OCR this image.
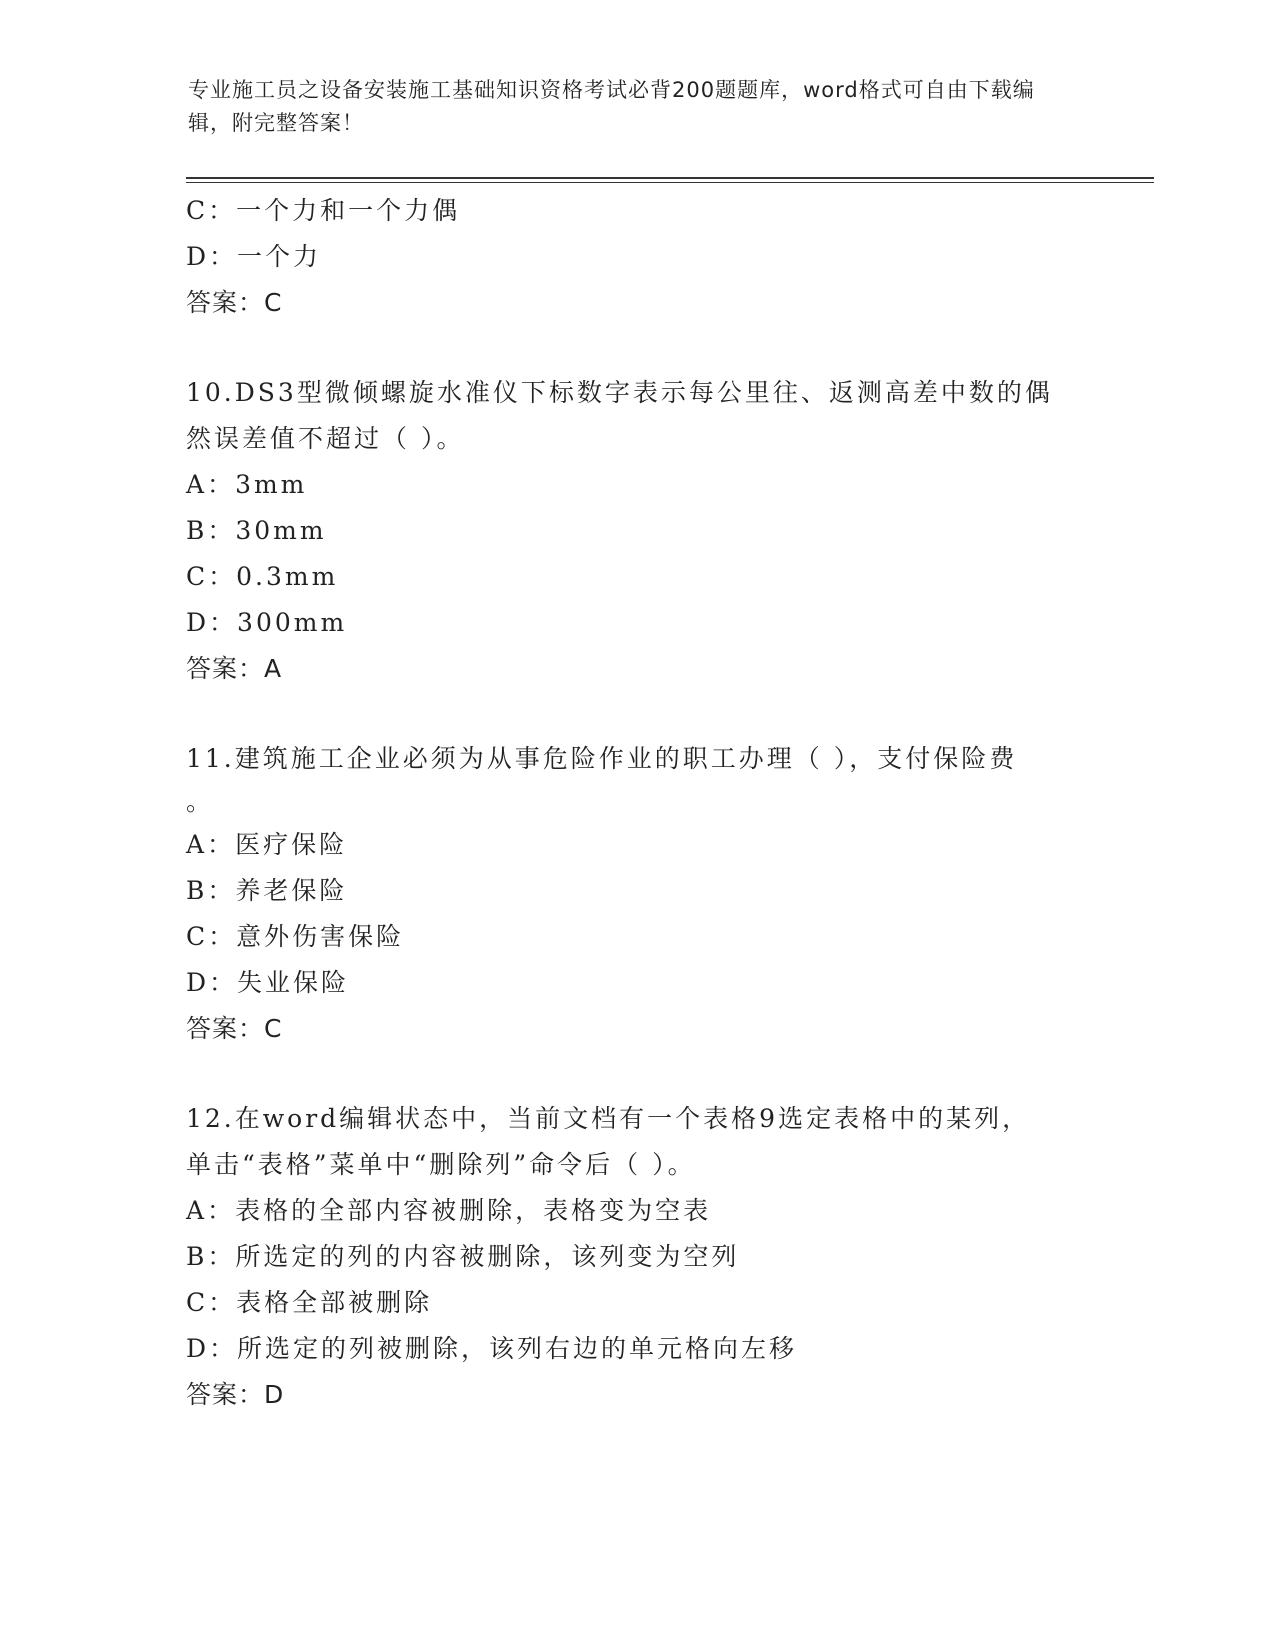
专业施工员之设备安装施工基础知识资格考试必背200题题库，word格式可自由下载编辑，附完整答案！
C：一个力和一个力偶
D：一个力
答案：C
10.DS3型微倾螺旋水准仪下标数字表示每公里往、返测高差中数的偶
然误差值不超过（ ）。
A：3mm
B：30mm
C：0.3mm
D：300mm
答案：A
11.建筑施工企业必须为从事危险作业的职工办理（ ），支付保险费
。
A：医疗保险
B：养老保险
C：意外伤害保险
D：失业保险
答案：C
12.在word编辑状态中，当前文档有一个表格9选定表格中的某列，
单击“表格”菜单中“删除列”命令后（ ）。
A：表格的全部内容被删除，表格变为空表
B：所选定的列的内容被删除，该列变为空列
C：表格全部被删除
D：所选定的列被删除，该列右边的单元格向左移
答案：D
